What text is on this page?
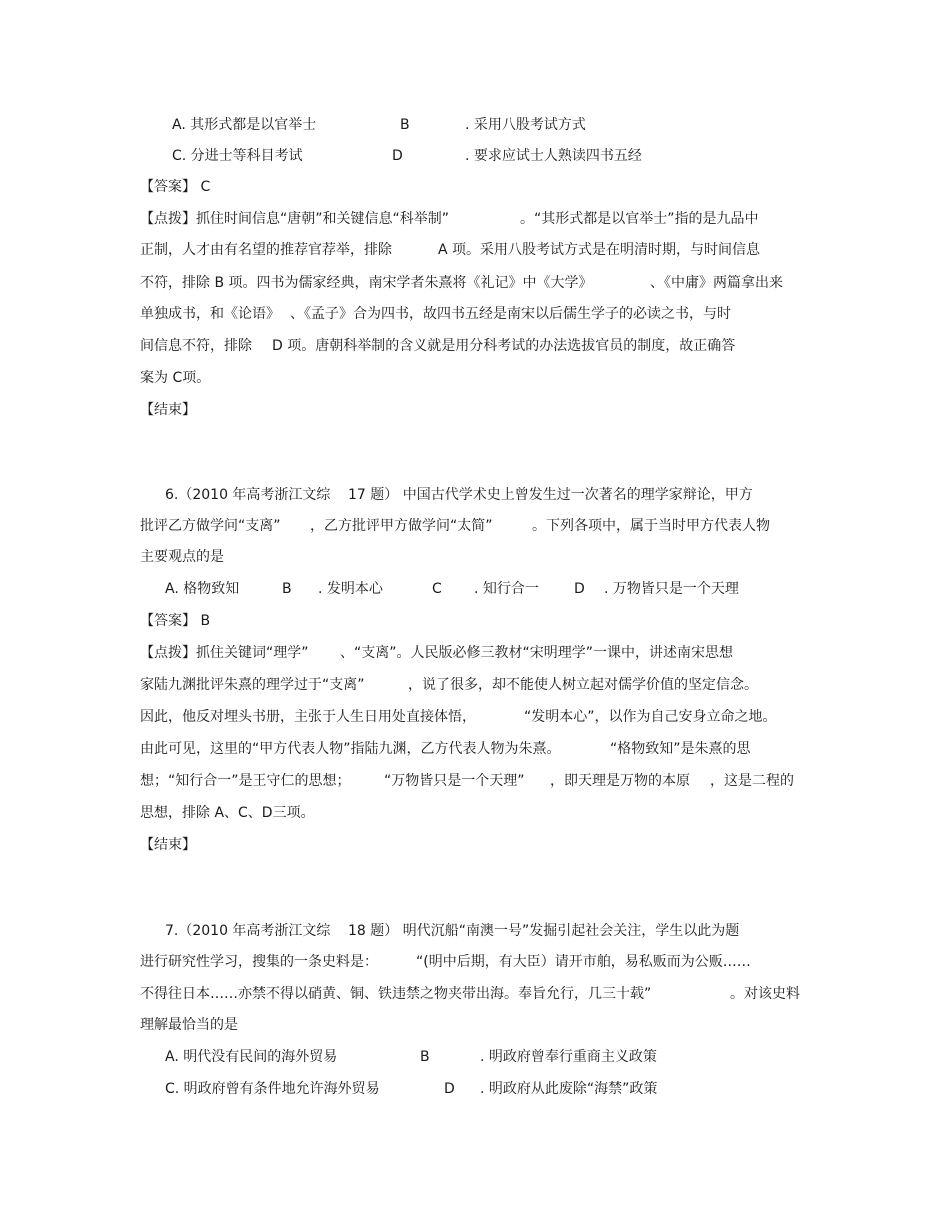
A. 其形式都是以官举士	B	. 采用八股考试方式
C. 分进士等科目考试	D	. 要求应试士人熟读四书五经
【答案】 C
【点拨】抓住时间信息“唐朝”和关键信息“科举制”	。“其形式都是以官举士”指的是九品中
正制，人才由有名望的推荐官荐举，排除	A 项。采用八股考试方式是在明清时期，与时间信息
不符，排除 B 项。四书为儒家经典，南宋学者朱熹将《礼记》中《大学》	、《中庸》两篇拿出来
单独成书，和《论语》 、《孟子》合为四书，故四书五经是南宋以后儒生学子的必读之书，与时
间信息不符，排除 D 项。唐朝科举制的含义就是用分科考试的办法选拔官员的制度，故正确答
案为 C项。
【结束】
6.（2010 年高考浙江文综 17 题） 中国古代学术史上曾发生过一次著名的理学家辩论，甲方
批评乙方做学问“支离” ，乙方批评甲方做学问“太简”	。下列各项中，属于当时甲方代表人物
主要观点的是
A. 格物致知	B . 发明本心	C . 知行合一	D . 万物皆只是一个天理
【答案】 B
【点拨】抓住关键词“理学” 、“支离”。人民版必修三教材“宋明理学”一课中，讲述南宋思想
家陆九渊批评朱熹的理学过于“支离”	，说了很多，却不能使人树立起对儒学价值的坚定信念。
因此，他反对埋头书册，主张于人生日用处直接体悟，	“发明本心”，以作为自己安身立命之地。
由此可见，这里的“甲方代表人物”指陆九渊，乙方代表人物为朱熹。	“格物致知”是朱熹的思
想；“知行合一”是王守仁的思想； “万物皆只是一个天理” ，即天理是万物的本原 ，这是二程的
思想，排除 A、C、D三项。
【结束】
7.（2010 年高考浙江文综 18 题） 明代沉船“南澳一号”发掘引起社会关注，学生以此为题
进行研究性学习，搜集的一条史料是：	“(明中后期，有大臣）请开市舶，易私贩而为公贩……
不得往日本……亦禁不得以硝黄、铜、铁违禁之物夹带出海。奉旨允行，几三十载”	。对该史料
理解最恰当的是
A. 明代没有民间的海外贸易	B	. 明政府曾奉行重商主义政策
C. 明政府曾有条件地允许海外贸易	D . 明政府从此废除“海禁”政策
